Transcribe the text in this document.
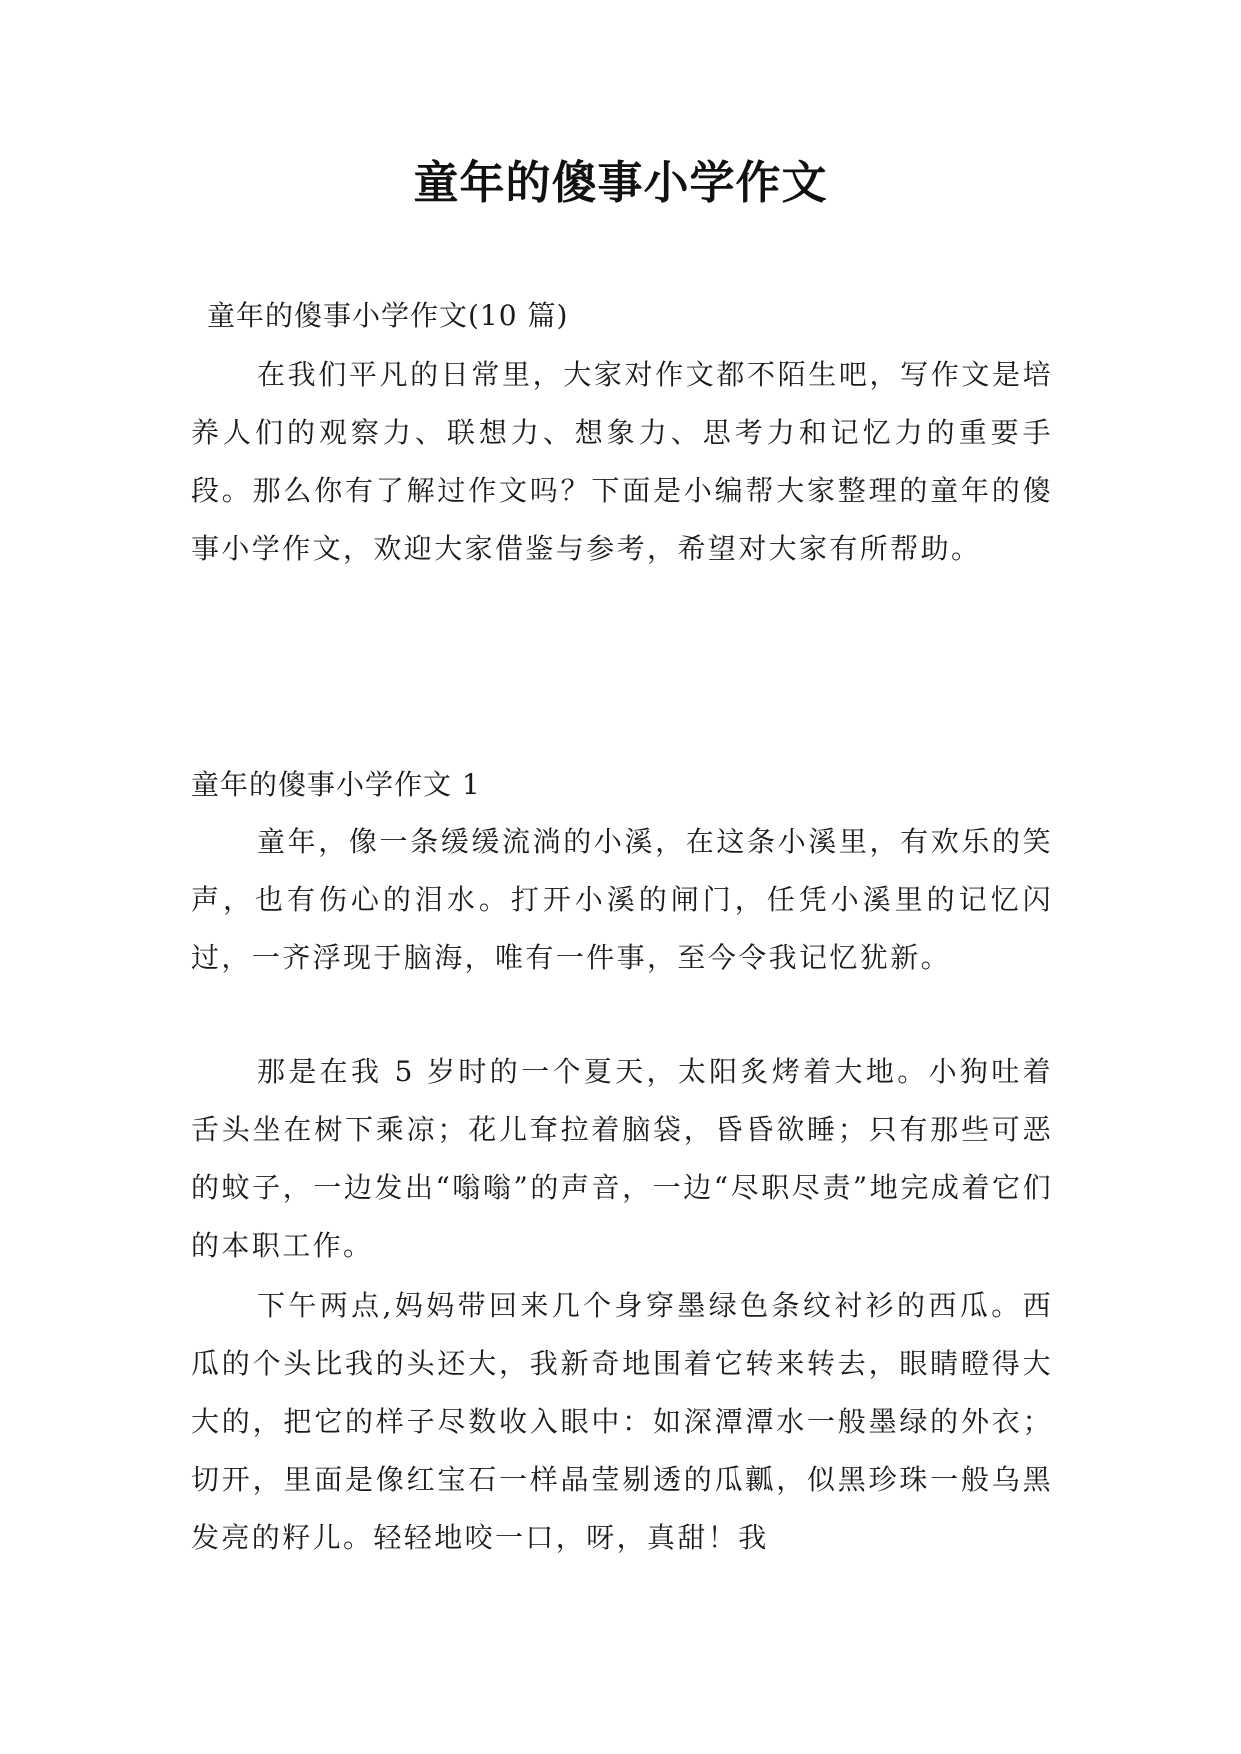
童年的傻事小学作文
童年的傻事小学作文(10 篇)

在我们平凡的日常里，大家对作文都不陌生吧，写作文是培养人们的观察力、联想力、想象力、思考力和记忆力的重要手段。那么你有了解过作文吗？下面是小编帮大家整理的童年的傻事小学作文，欢迎大家借鉴与参考，希望对大家有所帮助。

童年的傻事小学作文 1

童年，像一条缓缓流淌的小溪，在这条小溪里，有欢乐的笑声，也有伤心的泪水。打开小溪的闸门，任凭小溪里的记忆闪过，一齐浮现于脑海，唯有一件事，至今令我记忆犹新。

那是在我 5 岁时的一个夏天，太阳炙烤着大地。小狗吐着舌头坐在树下乘凉；花儿耷拉着脑袋，昏昏欲睡；只有那些可恶的蚊子，一边发出“嗡嗡”的声音，一边“尽职尽责”地完成着它们的本职工作。

下午两点,妈妈带回来几个身穿墨绿色条纹衬衫的西瓜。西瓜的个头比我的头还大，我新奇地围着它转来转去，眼睛瞪得大大的，把它的样子尽数收入眼中：如深潭潭水一般墨绿的外衣；切开，里面是像红宝石一样晶莹剔透的瓜瓤，似黑珍珠一般乌黑发亮的籽儿。轻轻地咬一口，呀，真甜！我
